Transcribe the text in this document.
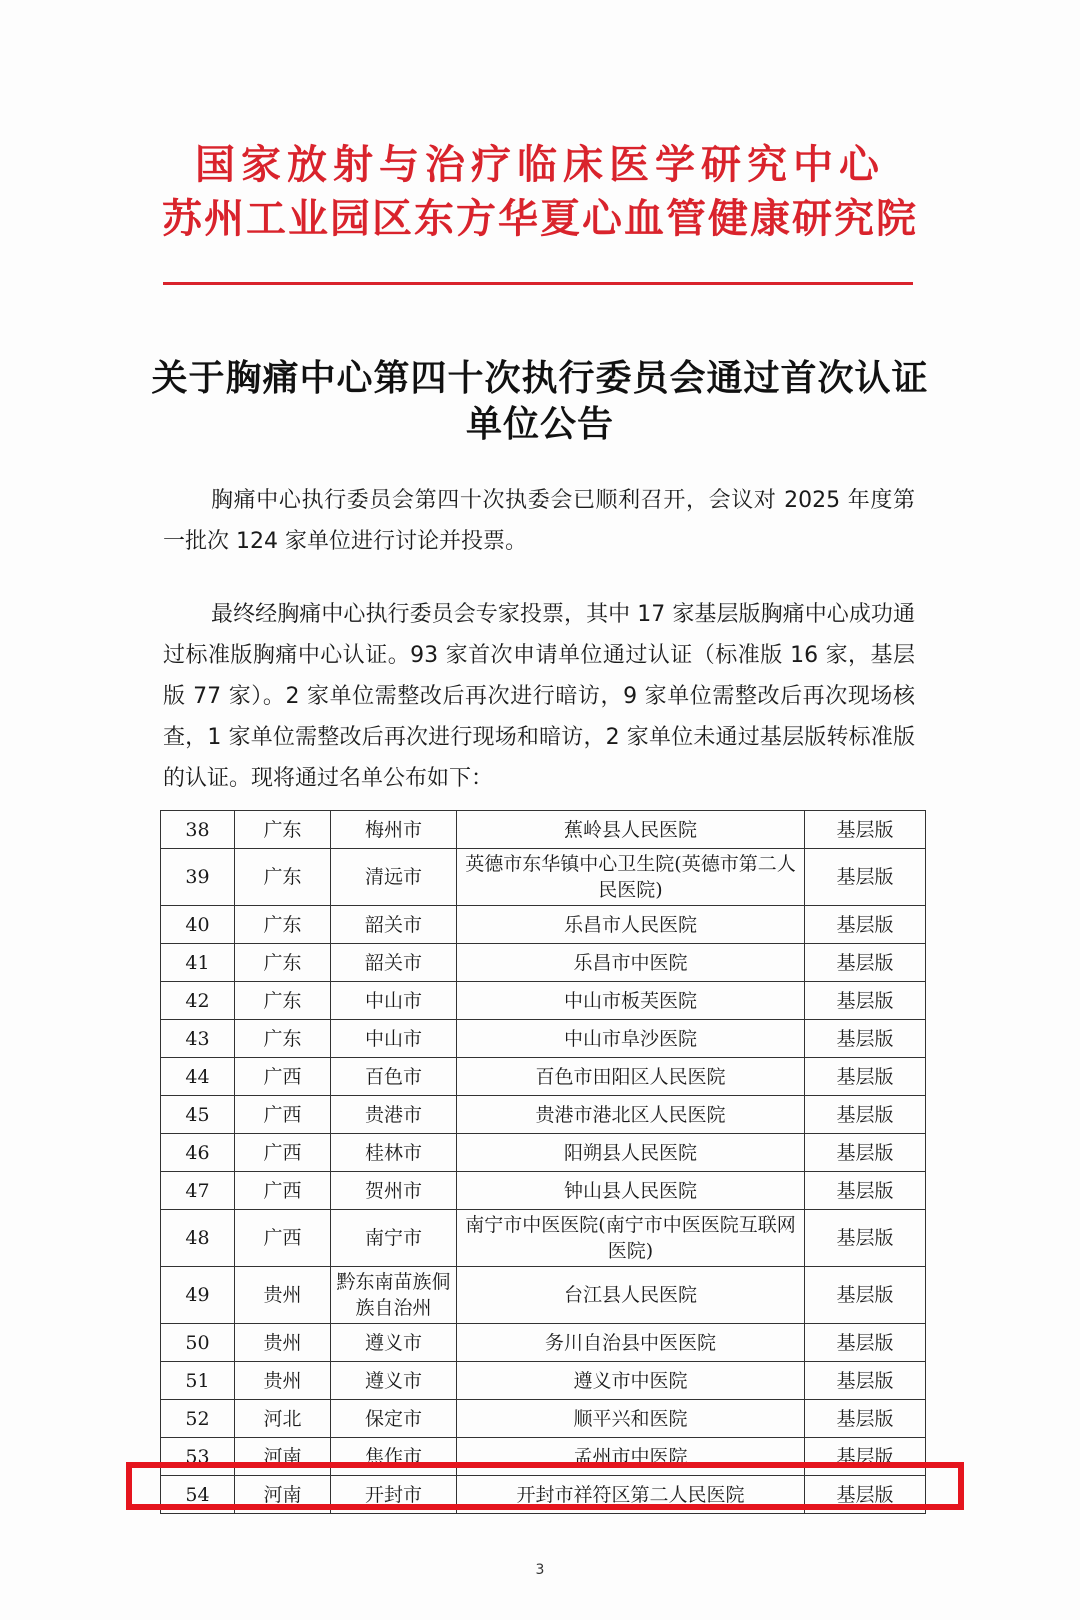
国家放射与治疗临床医学研究中心
苏州工业园区东方华夏心血管健康研究院
关于胸痛中心第四十次执行委员会通过首次认证单位公告
胸痛中心执行委员会第四十次执委会已顺利召开，会议对 2025 年度第一批次 124 家单位进行讨论并投票。
最终经胸痛中心执行委员会专家投票，其中 17 家基层版胸痛中心成功通过标准版胸痛中心认证。93 家首次申请单位通过认证（标准版 16 家，基层版 77 家）。2 家单位需整改后再次进行暗访，9 家单位需整改后再次现场核查，1 家单位需整改后再次进行现场和暗访，2 家单位未通过基层版转标准版的认证。现将通过名单公布如下：
38	广东	梅州市	蕉岭县人民医院	基层版
39	广东	清远市	英德市东华镇中心卫生院(英德市第二人民医院)	基层版
40	广东	韶关市	乐昌市人民医院	基层版
41	广东	韶关市	乐昌市中医院	基层版
42	广东	中山市	中山市板芙医院	基层版
43	广东	中山市	中山市阜沙医院	基层版
44	广西	百色市	百色市田阳区人民医院	基层版
45	广西	贵港市	贵港市港北区人民医院	基层版
46	广西	桂林市	阳朔县人民医院	基层版
47	广西	贺州市	钟山县人民医院	基层版
48	广西	南宁市	南宁市中医医院(南宁市中医医院互联网医院)	基层版
49	贵州	黔东南苗族侗族自治州	台江县人民医院	基层版
50	贵州	遵义市	务川自治县中医医院	基层版
51	贵州	遵义市	遵义市中医院	基层版
52	河北	保定市	顺平兴和医院	基层版
53	河南	焦作市	孟州市中医院	基层版
54	河南	开封市	开封市祥符区第二人民医院	基层版
3
